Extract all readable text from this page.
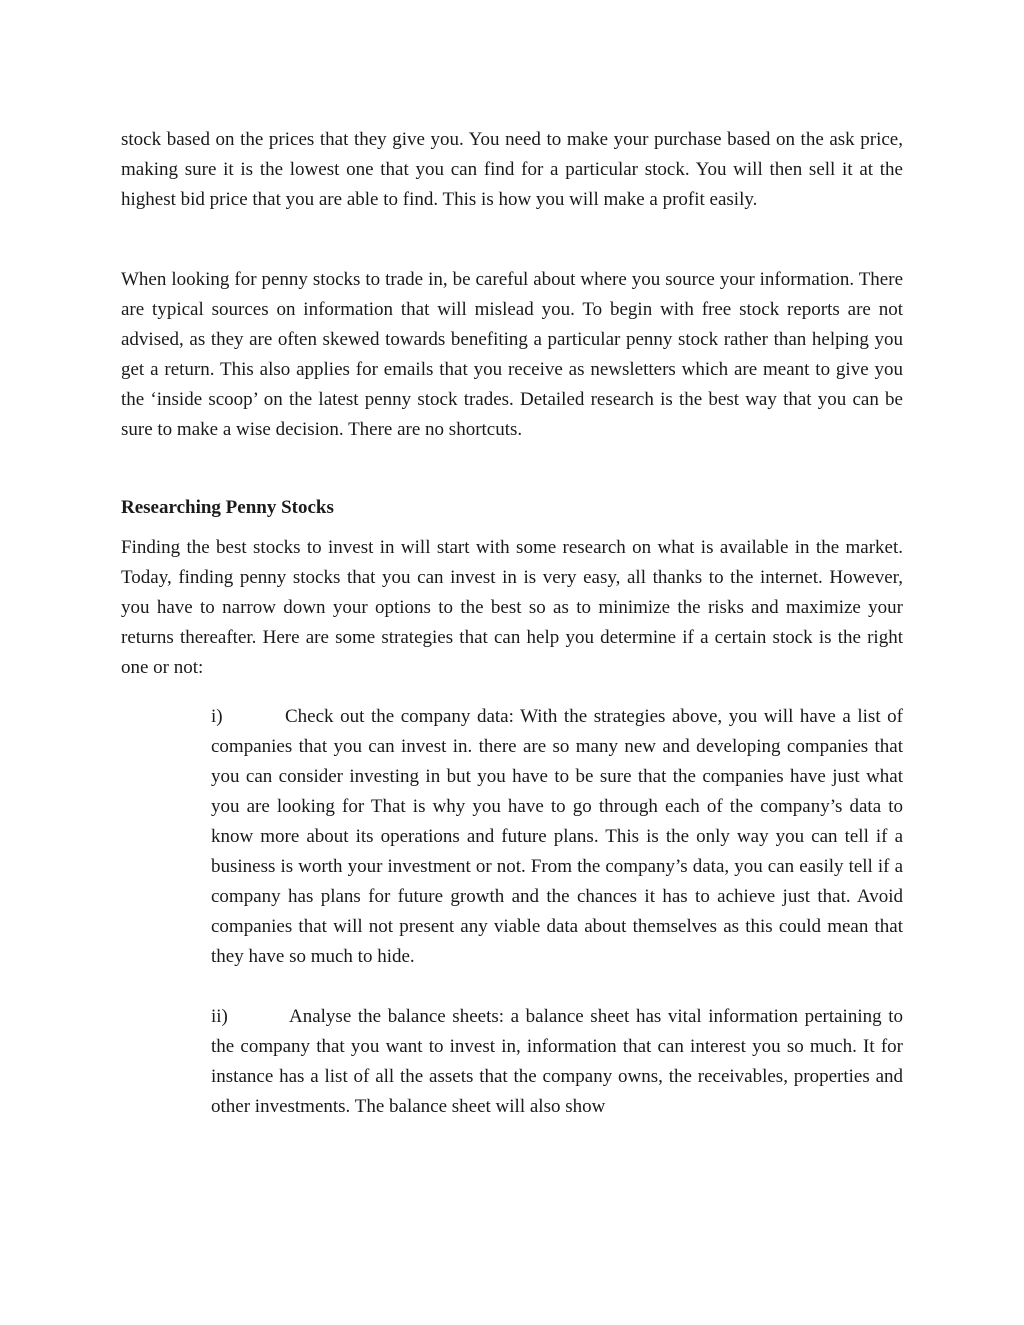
stock based on the prices that they give you. You need to make your purchase based on the ask price, making sure it is the lowest one that you can find for a particular stock. You will then sell it at the highest bid price that you are able to find. This is how you will make a profit easily.

When looking for penny stocks to trade in, be careful about where you source your information. There are typical sources on information that will mislead you. To begin with free stock reports are not advised, as they are often skewed towards benefiting a particular penny stock rather than helping you get a return. This also applies for emails that you receive as newsletters which are meant to give you the ‘inside scoop’ on the latest penny stock trades. Detailed research is the best way that you can be sure to make a wise decision. There are no shortcuts.

Researching Penny Stocks

Finding the best stocks to invest in will start with some research on what is available in the market. Today, finding penny stocks that you can invest in is very easy, all thanks to the internet. However, you have to narrow down your options to the best so as to minimize the risks and maximize your returns thereafter. Here are some strategies that can help you determine if a certain stock is the right one or not:

i)	Check out the company data: With the strategies above, you will have a list of companies that you can invest in. there are so many new and developing companies that you can consider investing in but you have to be sure that the companies have just what you are looking for That is why you have to go through each of the company’s data to know more about its operations and future plans. This is the only way you can tell if a business is worth your investment or not. From the company’s data, you can easily tell if a company has plans for future growth and the chances it has to achieve just that. Avoid companies that will not present any viable data about themselves as this could mean that they have so much to hide.

ii)	Analyse the balance sheets: a balance sheet has vital information pertaining to the company that you want to invest in, information that can interest you so much. It for instance has a list of all the assets that the company owns, the receivables, properties and other investments. The balance sheet will also show
